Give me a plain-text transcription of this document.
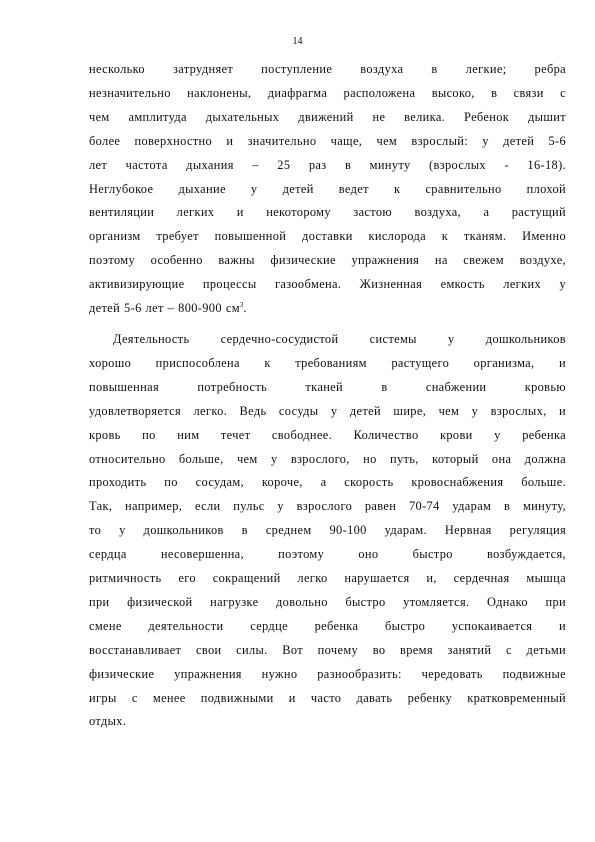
14

несколько затрудняет поступление воздуха в легкие; ребра
незначительно наклонены, диафрагма расположена высоко, в связи с
чем амплитуда дыхательных движений не велика. Ребенок дышит
более поверхностно и значительно чаще, чем взрослый: у детей 5-6
лет частота дыхания – 25 раз в минуту (взрослых - 16-18).
Неглубокое дыхание у детей ведет к сравнительно плохой
вентиляции легких и некоторому застою воздуха, а растущий
организм требует повышенной доставки кислорода к тканям. Именно
поэтому особенно важны физические упражнения на свежем воздухе,
активизирующие процессы газообмена. Жизненная емкость легких у
детей 5-6 лет – 800-900 $см^3$.

Деятельность сердечно-сосудистой системы у дошкольников
хорошо приспособлена к требованиям растущего организма, и
повышенная потребность тканей в снабжении кровью
удовлетворяется легко. Ведь сосуды у детей шире, чем у взрослых, и
кровь по ним течет свободнее. Количество крови у ребенка
относительно больше, чем у взрослого, но путь, который она должна
проходить по сосудам, короче, а скорость кровоснабжения больше.
Так, например, если пульс у взрослого равен 70-74 ударам в минуту,
то у дошкольников в среднем 90-100 ударам. Нервная регуляция
сердца несовершенна, поэтому оно быстро возбуждается,
ритмичность его сокращений легко нарушается и, сердечная мышца
при физической нагрузке довольно быстро утомляется. Однако при
смене деятельности сердце ребенка быстро успокаивается и
восстанавливает свои силы. Вот почему во время занятий с детьми
физические упражнения нужно разнообразить: чередовать подвижные
игры с менее подвижными и часто давать ребенку кратковременный
отдых.
